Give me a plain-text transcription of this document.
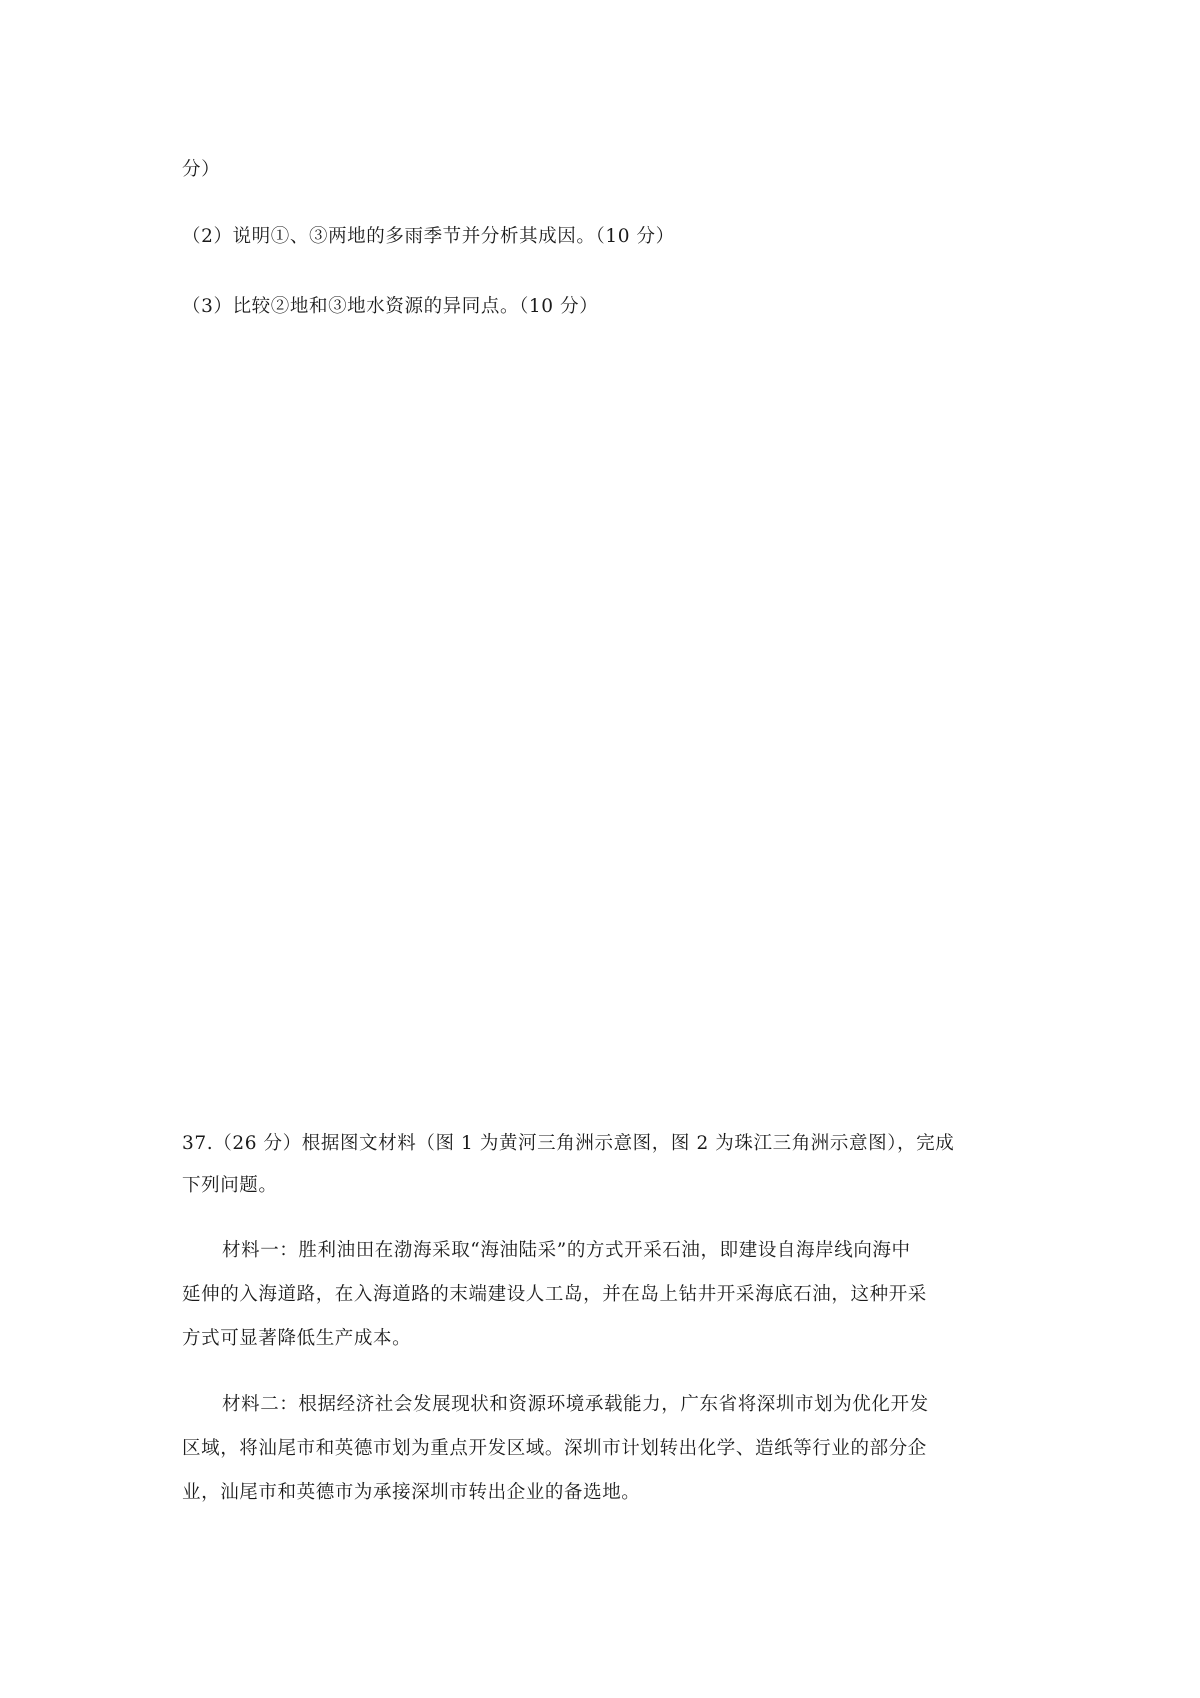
分）
（2）说明①、③两地的多雨季节并分析其成因。（10 分）
（3）比较②地和③地水资源的异同点。（10 分）
37.（26 分）根据图文材料（图 1 为黄河三角洲示意图，图 2 为珠江三角洲示意图），完成
下列问题。
材料一：胜利油田在渤海采取“海油陆采”的方式开采石油，即建设自海岸线向海中
延伸的入海道路，在入海道路的末端建设人工岛，并在岛上钻井开采海底石油，这种开采
方式可显著降低生产成本。
材料二：根据经济社会发展现状和资源环境承载能力，广东省将深圳市划为优化开发
区域，将汕尾市和英德市划为重点开发区域。深圳市计划转出化学、造纸等行业的部分企
业，汕尾市和英德市为承接深圳市转出企业的备选地。
